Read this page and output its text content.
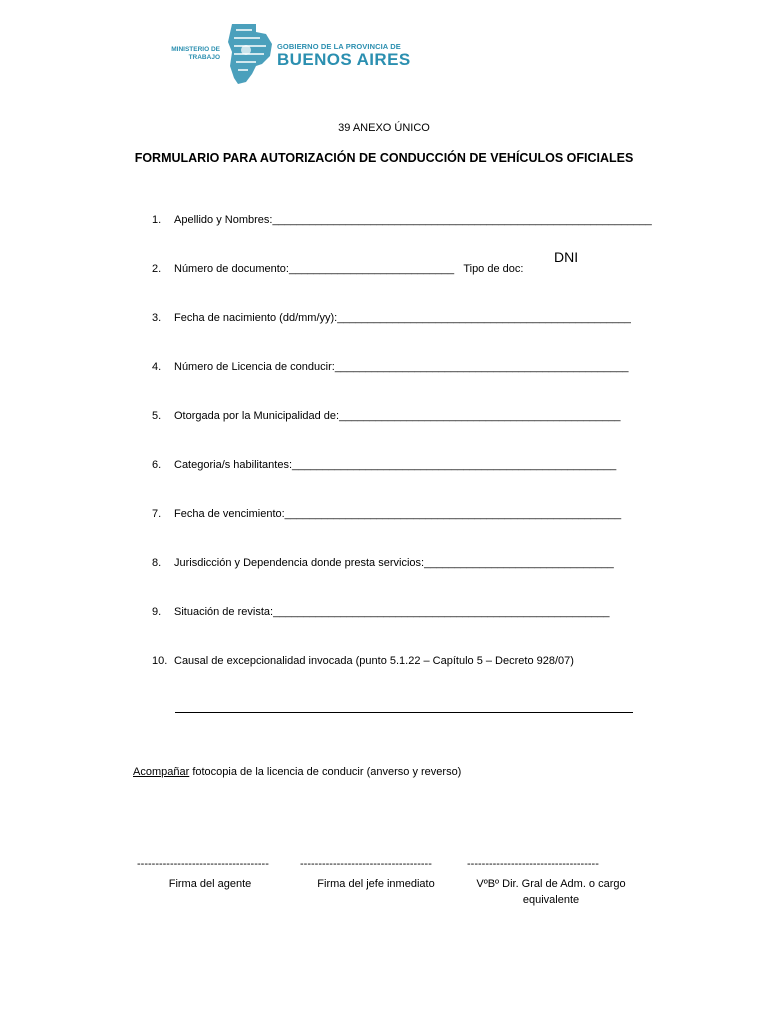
MINISTERIO DE
TRABAJO
GOBIERNO DE LA PROVINCIA DE
BUENOS AIRES
39 ANEXO ÚNICO
FORMULARIO PARA AUTORIZACIÓN DE CONDUCCIÓN DE VEHÍCULOS OFICIALES
1. Apellido y Nombres:______________________________________________________________
2. Número de documento:___________________________ Tipo de doc:
DNI
3. Fecha de nacimiento (dd/mm/yy):________________________________________________
4. Número de Licencia de conducir:________________________________________________
5. Otorgada por la Municipalidad de:______________________________________________
6. Categoria/s habilitantes:_____________________________________________________
7. Fecha de vencimiento:_______________________________________________________
8. Jurisdicción y Dependencia donde presta servicios:_______________________________
9. Situación de revista:_______________________________________________________
10. Causal de excepcionalidad invocada (punto 5.1.22 – Capítulo 5 – Decreto 928/07)
Acompañar fotocopia de la licencia de conducir (anverso y reverso)
------------------------------------	------------------------------------	------------------------------------
Firma del agente	Firma del jefe inmediato	VºBº Dir. Gral de Adm. o cargo
equivalente
